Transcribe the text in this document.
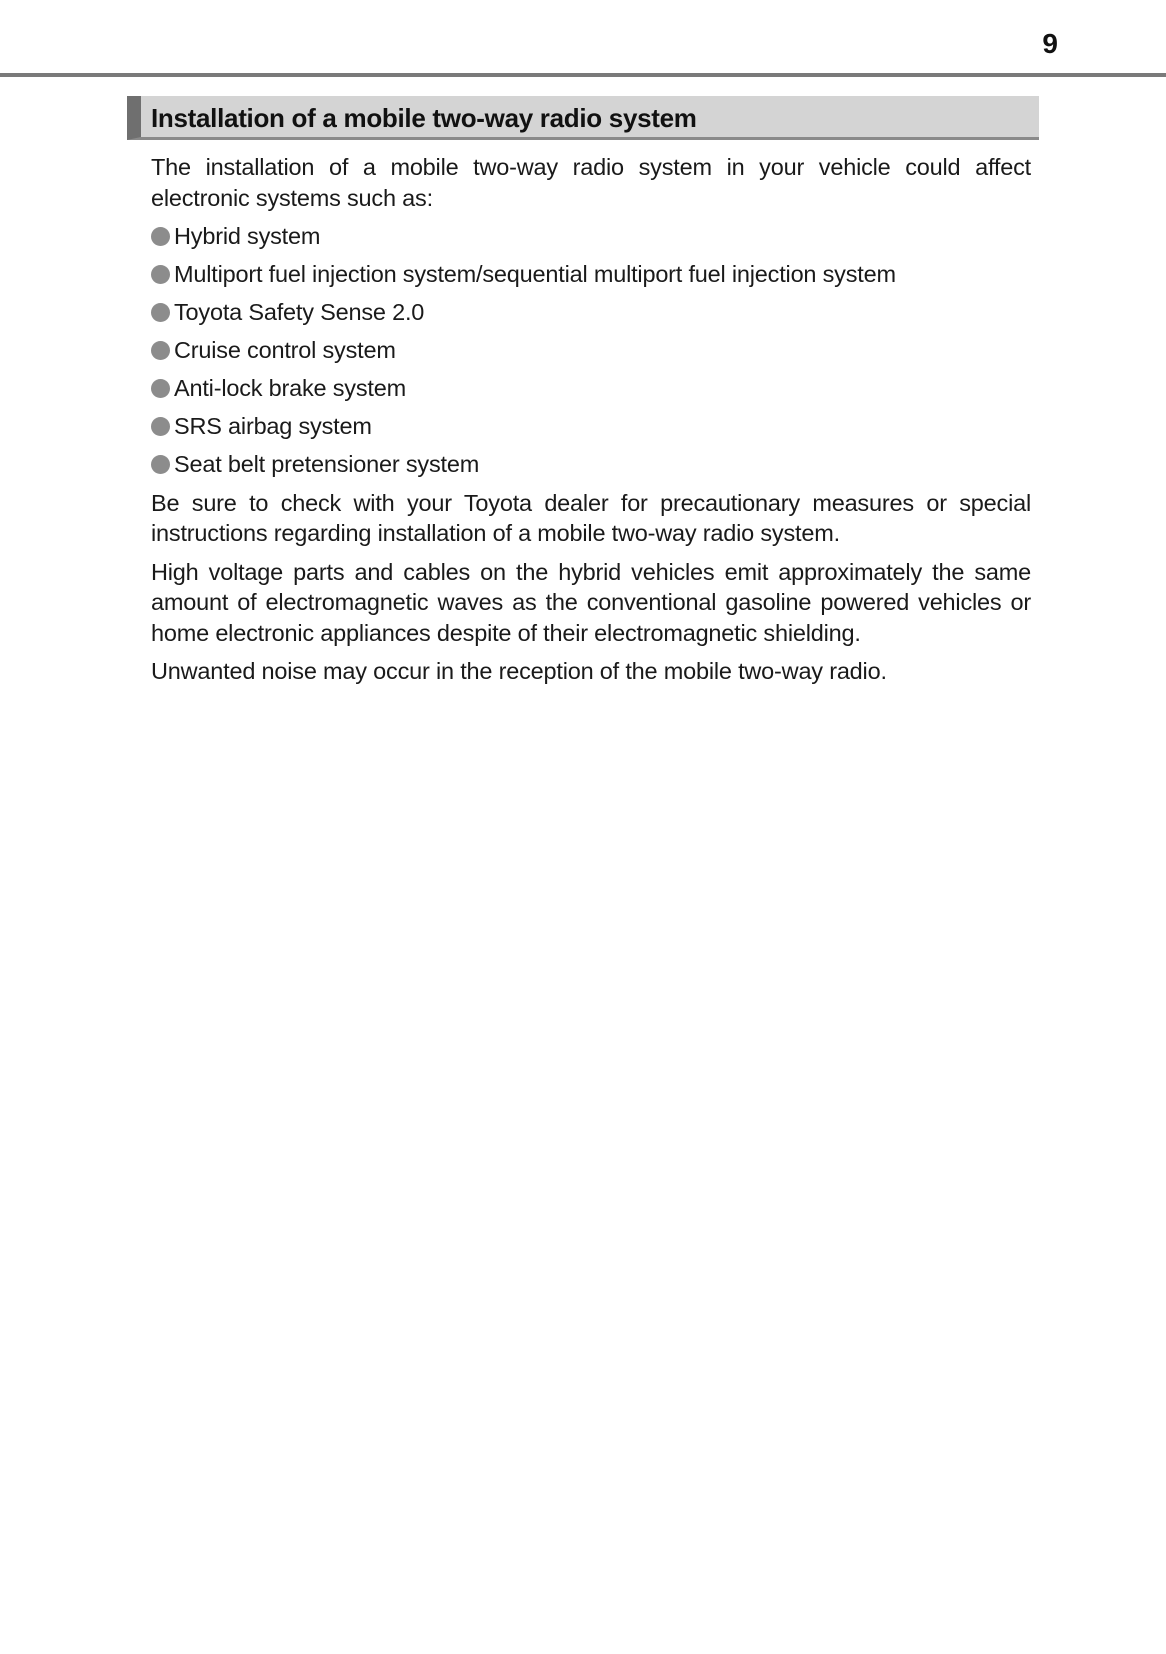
9
Installation of a mobile two-way radio system

The installation of a mobile two-way radio system in your vehicle could affect electronic systems such as:

Hybrid system
Multiport fuel injection system/sequential multiport fuel injection system
Toyota Safety Sense 2.0
Cruise control system
Anti-lock brake system
SRS airbag system
Seat belt pretensioner system

Be sure to check with your Toyota dealer for precautionary measures or special instructions regarding installation of a mobile two-way radio system.

High voltage parts and cables on the hybrid vehicles emit approximately the same amount of electromagnetic waves as the conventional gasoline powered vehicles or home electronic appliances despite of their electromagnetic shielding.

Unwanted noise may occur in the reception of the mobile two-way radio.
